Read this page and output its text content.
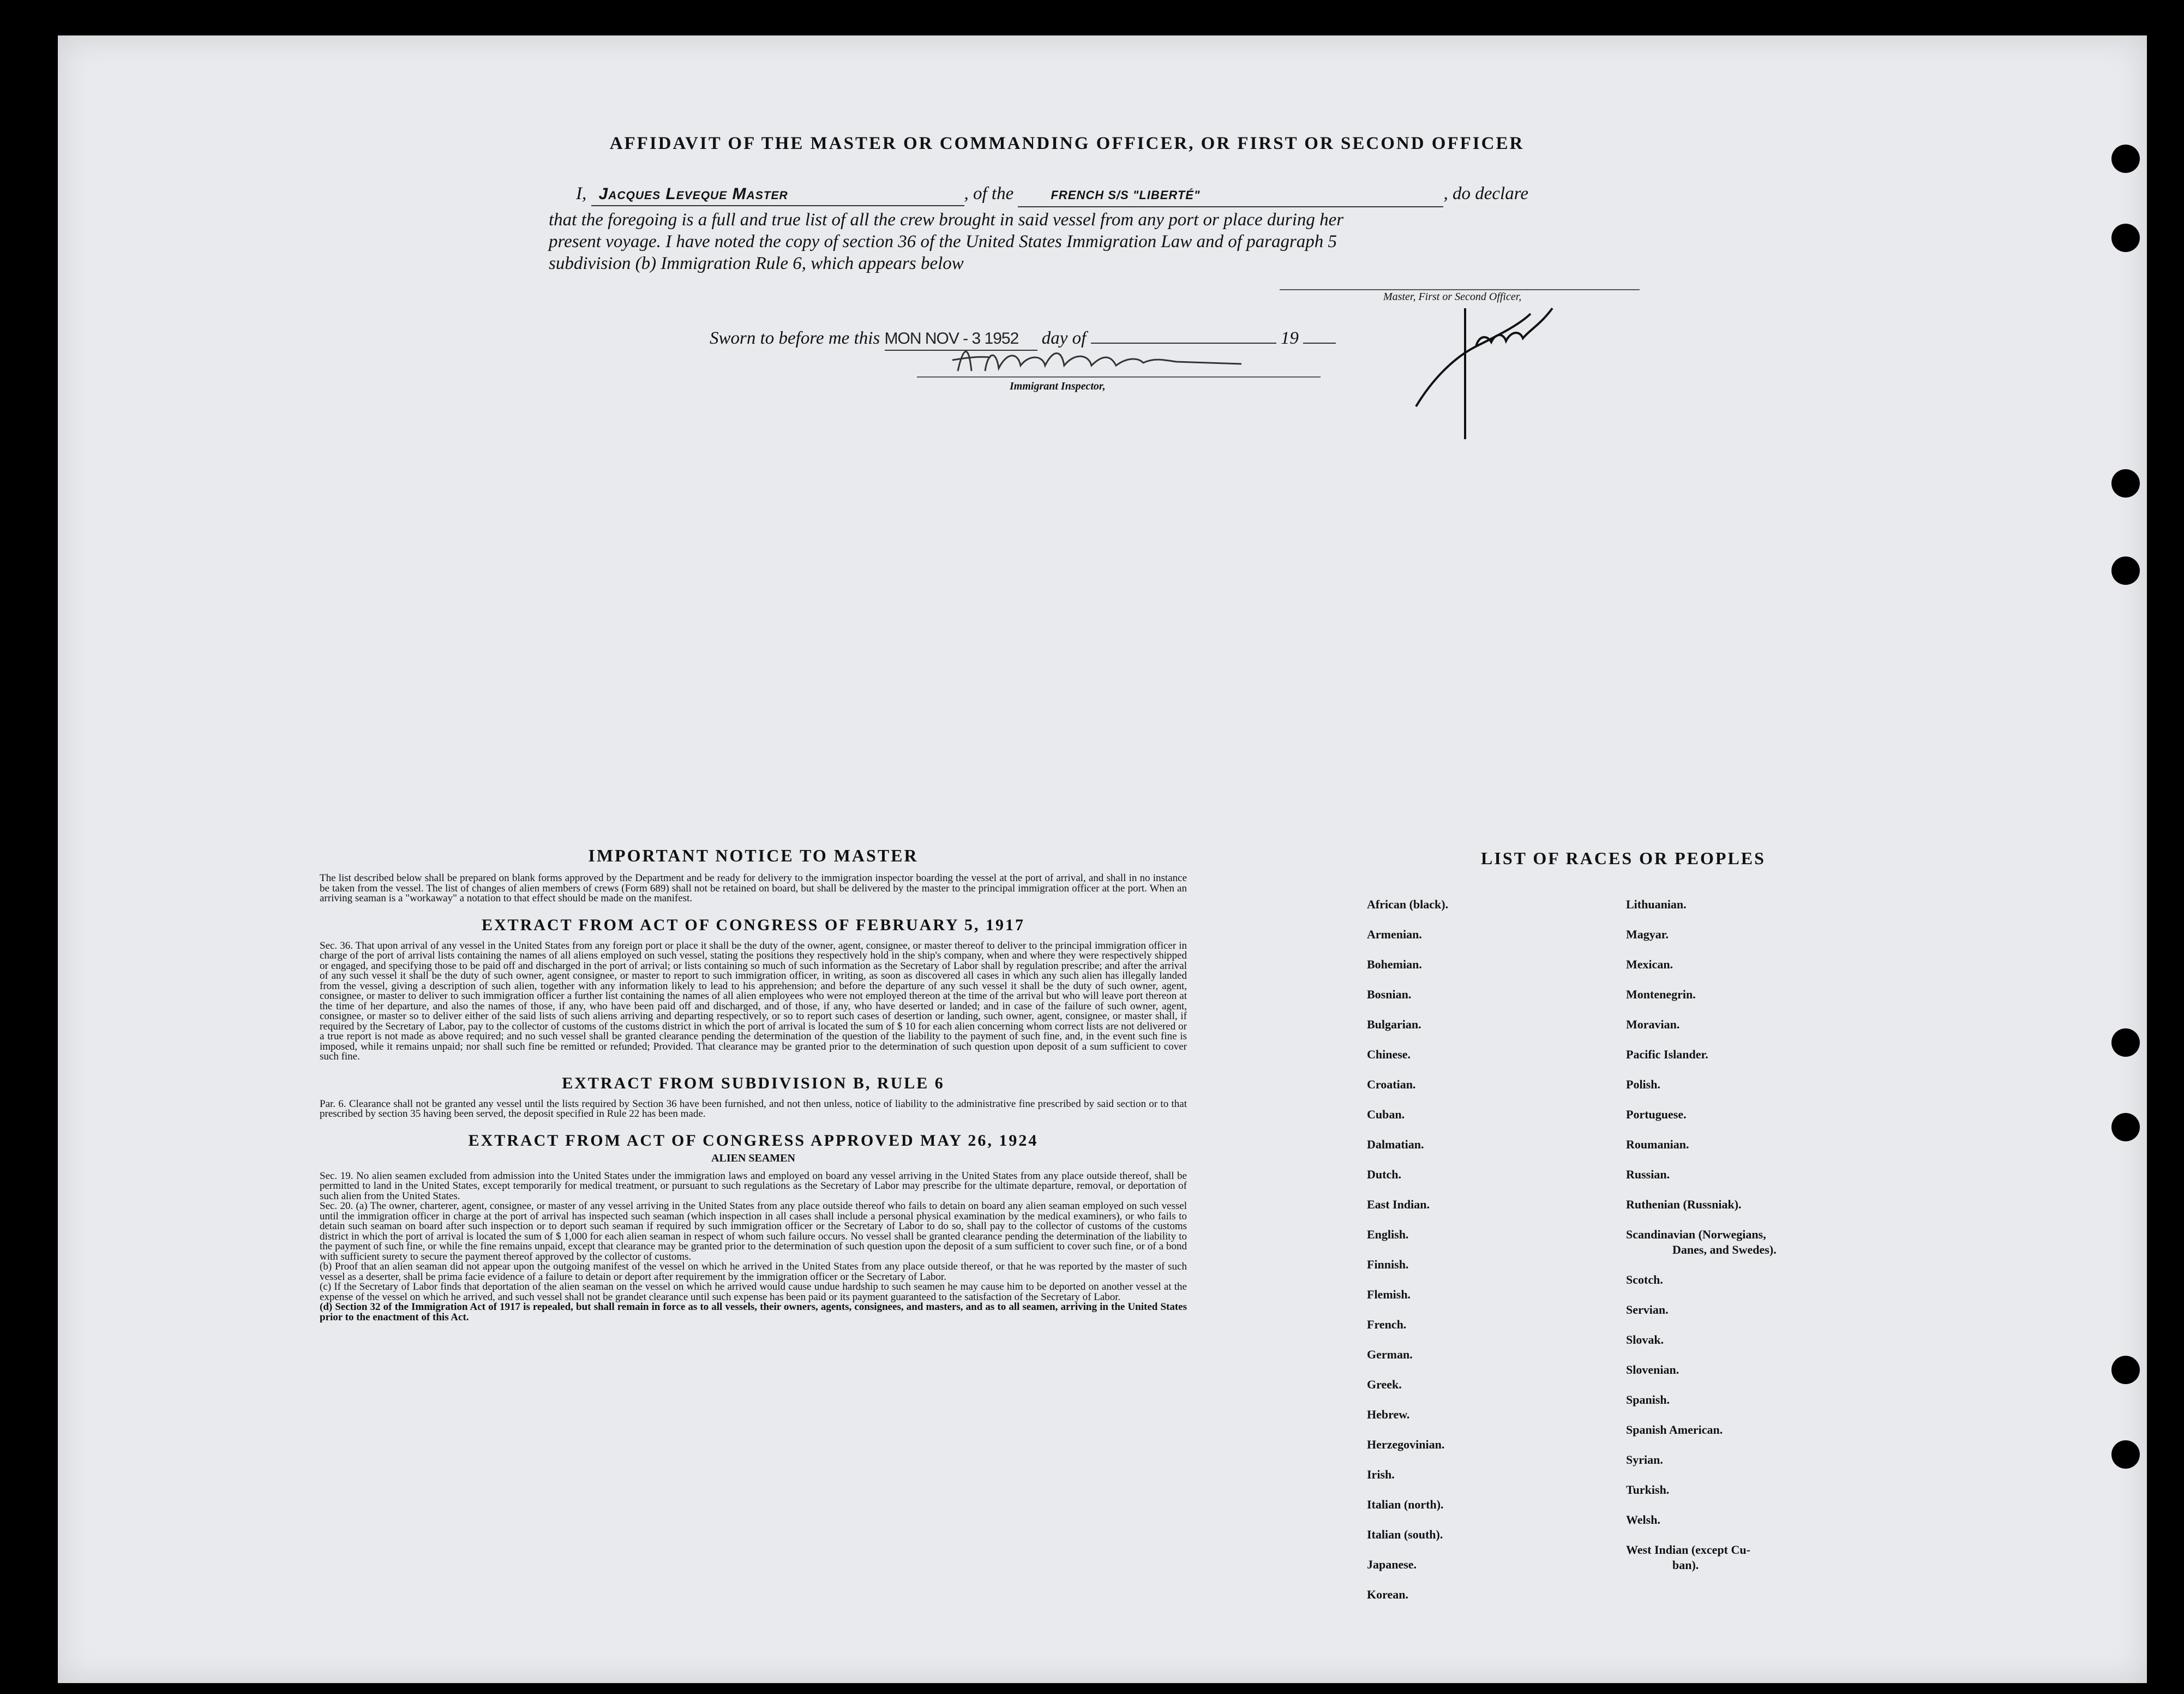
AFFIDAVIT OF THE MASTER OR COMMANDING OFFICER, OR FIRST OR SECOND OFFICER
I, Jacques Leveque Master	, of the	FRENCH S/S "LIBERTÉ"	, do declare
that the foregoing is a full and true list of all the crew brought in said vessel from any port or place during her
present voyage. I have noted the copy of section 36 of the United States Immigration Law and of paragraph 5
subdivision (b) Immigration Rule 6, which appears below
Master, First or Second Officer,
Sworn to before me this MON NOV - 3 1952 day of	19
Immigrant Inspector,
IMPORTANT NOTICE TO MASTER

The list described below shall be prepared on blank forms approved by the Department and be ready for delivery to the immigration inspector boarding the vessel at the port of arrival, and shall in no instance be taken from the vessel. The list of changes of alien members of crews (Form 689) shall not be retained on board, but shall be delivered by the master to the principal immigration officer at the port. When an arriving seaman is a "workaway" a notation to that effect should be made on the manifest.

EXTRACT FROM ACT OF CONGRESS OF FEBRUARY 5, 1917

Sec. 36. That upon arrival of any vessel in the United States from any foreign port or place it shall be the duty of the owner, agent, consignee, or master thereof to deliver to the principal immigration officer in charge of the port of arrival lists containing the names of all aliens employed on such vessel, stating the positions they respectively hold in the ship's company, when and where they were respectively shipped or engaged, and specifying those to be paid off and discharged in the port of arrival; or lists containing so much of such information as the Secretary of Labor shall by regulation prescribe; and after the arrival of any such vessel it shall be the duty of such owner, agent consignee, or master to report to such immigration officer, in writing, as soon as discovered all cases in which any such alien has illegally landed from the vessel, giving a description of such alien, together with any information likely to lead to his apprehension; and before the departure of any such vessel it shall be the duty of such owner, agent, consignee, or master to deliver to such immigration officer a further list containing the names of all alien employees who were not employed thereon at the time of the arrival but who will leave port thereon at the time of her departure, and also the names of those, if any, who have been paid off and discharged, and of those, if any, who have deserted or landed; and in case of the failure of such owner, agent, consignee, or master so to deliver either of the said lists of such aliens arriving and departing respectively, or so to report such cases of desertion or landing, such owner, agent, consignee, or master shall, if required by the Secretary of Labor, pay to the collector of customs of the customs district in which the port of arrival is located the sum of $ 10 for each alien concerning whom correct lists are not delivered or a true report is not made as above required; and no such vessel shall be granted clearance pending the determination of the question of the liability to the payment of such fine, and, in the event such fine is imposed, while it remains unpaid; nor shall such fine be remitted or refunded; Provided. That clearance may be granted prior to the determination of such question upon deposit of a sum sufficient to cover such fine.

EXTRACT FROM SUBDIVISION B, RULE 6

Par. 6. Clearance shall not be granted any vessel until the lists required by Section 36 have been furnished, and not then unless, notice of liability to the administrative fine prescribed by said section or to that prescribed by section 35 having been served, the deposit specified in Rule 22 has been made.

EXTRACT FROM ACT OF CONGRESS APPROVED MAY 26, 1924
ALIEN SEAMEN

Sec. 19. No alien seamen excluded from admission into the United States under the immigration laws and employed on board any vessel arriving in the United States from any place outside thereof, shall be permitted to land in the United States, except temporarily for medical treatment, or pursuant to such regulations as the Secretary of Labor may prescribe for the ultimate departure, removal, or deportation of such alien from the United States.

Sec. 20. (a) The owner, charterer, agent, consignee, or master of any vessel arriving in the United States from any place outside thereof who fails to detain on board any alien seaman employed on such vessel until the immigration officer in charge at the port of arrival has inspected such seaman (which inspection in all cases shall include a personal physical examination by the medical examiners), or who fails to detain such seaman on board after such inspection or to deport such seaman if required by such immigration officer or the Secretary of Labor to do so, shall pay to the collector of customs of the customs district in which the port of arrival is located the sum of $ 1,000 for each alien seaman in respect of whom such failure occurs. No vessel shall be granted clearance pending the determination of the liability to the payment of such fine, or while the fine remains unpaid, except that clearance may be granted prior to the determination of such question upon the deposit of a sum sufficient to cover such fine, or of a bond with sufficient surety to secure the payment thereof approved by the collector of customs.

(b) Proof that an alien seaman did not appear upon the outgoing manifest of the vessel on which he arrived in the United States from any place outside thereof, or that he was reported by the master of such vessel as a deserter, shall be prima facie evidence of a failure to detain or deport after requirement by the immigration officer or the Secretary of Labor.

(c) If the Secretary of Labor finds that deportation of the alien seaman on the vessel on which he arrived would cause undue hardship to such seamen he may cause him to be deported on another vessel at the expense of the vessel on which he arrived, and such vessel shall not be grandet clearance until such expense has been paid or its payment guaranteed to the satisfaction of the Secretary of Labor.

(d) Section 32 of the Immigration Act of 1917 is repealed, but shall remain in force as to all vessels, their owners, agents, consignees, and masters, and as to all seamen, arriving in the United States prior to the enactment of this Act.

LIST OF RACES OR PEOPLES
African (black).
Armenian.
Bohemian.
Bosnian.
Bulgarian.
Chinese.
Croatian.
Cuban.
Dalmatian.
Dutch.
East Indian.
English.
Finnish.
Flemish.
French.
German.
Greek.
Hebrew.
Herzegovinian.
Irish.
Italian (north).
Italian (south).
Japanese.
Korean.
Lithuanian.
Magyar.
Mexican.
Montenegrin.
Moravian.
Pacific Islander.
Polish.
Portuguese.
Roumanian.
Russian.
Ruthenian (Russniak).
Scandinavian (Norwegians,
Danes, and Swedes).
Scotch.
Servian.
Slovak.
Slovenian.
Spanish.
Spanish American.
Syrian.
Turkish.
Welsh.
West Indian (except Cu-
ban).
